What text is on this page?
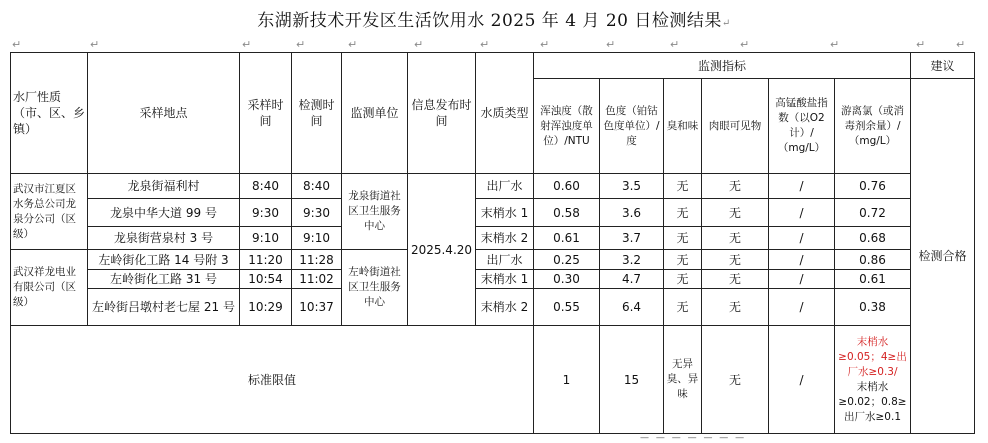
东湖新技术开发区生活饮用水 2025 年 4 月 20 日检测结果↵
↵	↵	↵	↵	↵	↵	↵	↵	↵	↵	↵	↵	↵	↵
水厂性质（市、区、乡镇）	采样地点	采样时间	检测时间	监测单位	信息发布时间	水质类型	监测指标						建议
							浑浊度（散射浑浊度单位）/NTU	色度（铂钴色度单位）/度	臭和味	肉眼可见物	高锰酸盐指数（以O2计）/（mg/L）	游离氯（或消毒剂余量）/（mg/L）	检测合格
武汉市江夏区水务总公司龙泉分公司（区级）	龙泉街福利村	8:40	8:40	龙泉街道社区卫生服务中心	2025.4.20	出厂水	0.60	3.5	无	无	/	0.76	
	龙泉中华大道 99 号	9:30	9:30			末梢水 1	0.58	3.6	无	无	/	0.72	
	龙泉街营泉村 3 号	9:10	9:10			末梢水 2	0.61	3.7	无	无	/	0.68	
武汉祥龙电业有限公司（区级）	左岭街化工路 14 号附 3	11:20	11:28	左岭街道社区卫生服务中心		出厂水	0.25	3.2	无	无	/	0.86	
	左岭街化工路 31 号	10:54	11:02			末梢水 1	0.30	4.7	无	无	/	0.61	
	左岭街吕墩村老七屋 21 号	10:29	10:37			末梢水 2	0.55	6.4	无	无	/	0.38	
标准限值							1	15	无异臭、异味	无	/	末梢水≥0.05；4≥出厂水≥0.3/
末梢水≥0.02；0.8≥出厂水≥0.1	
— — — — — — —
